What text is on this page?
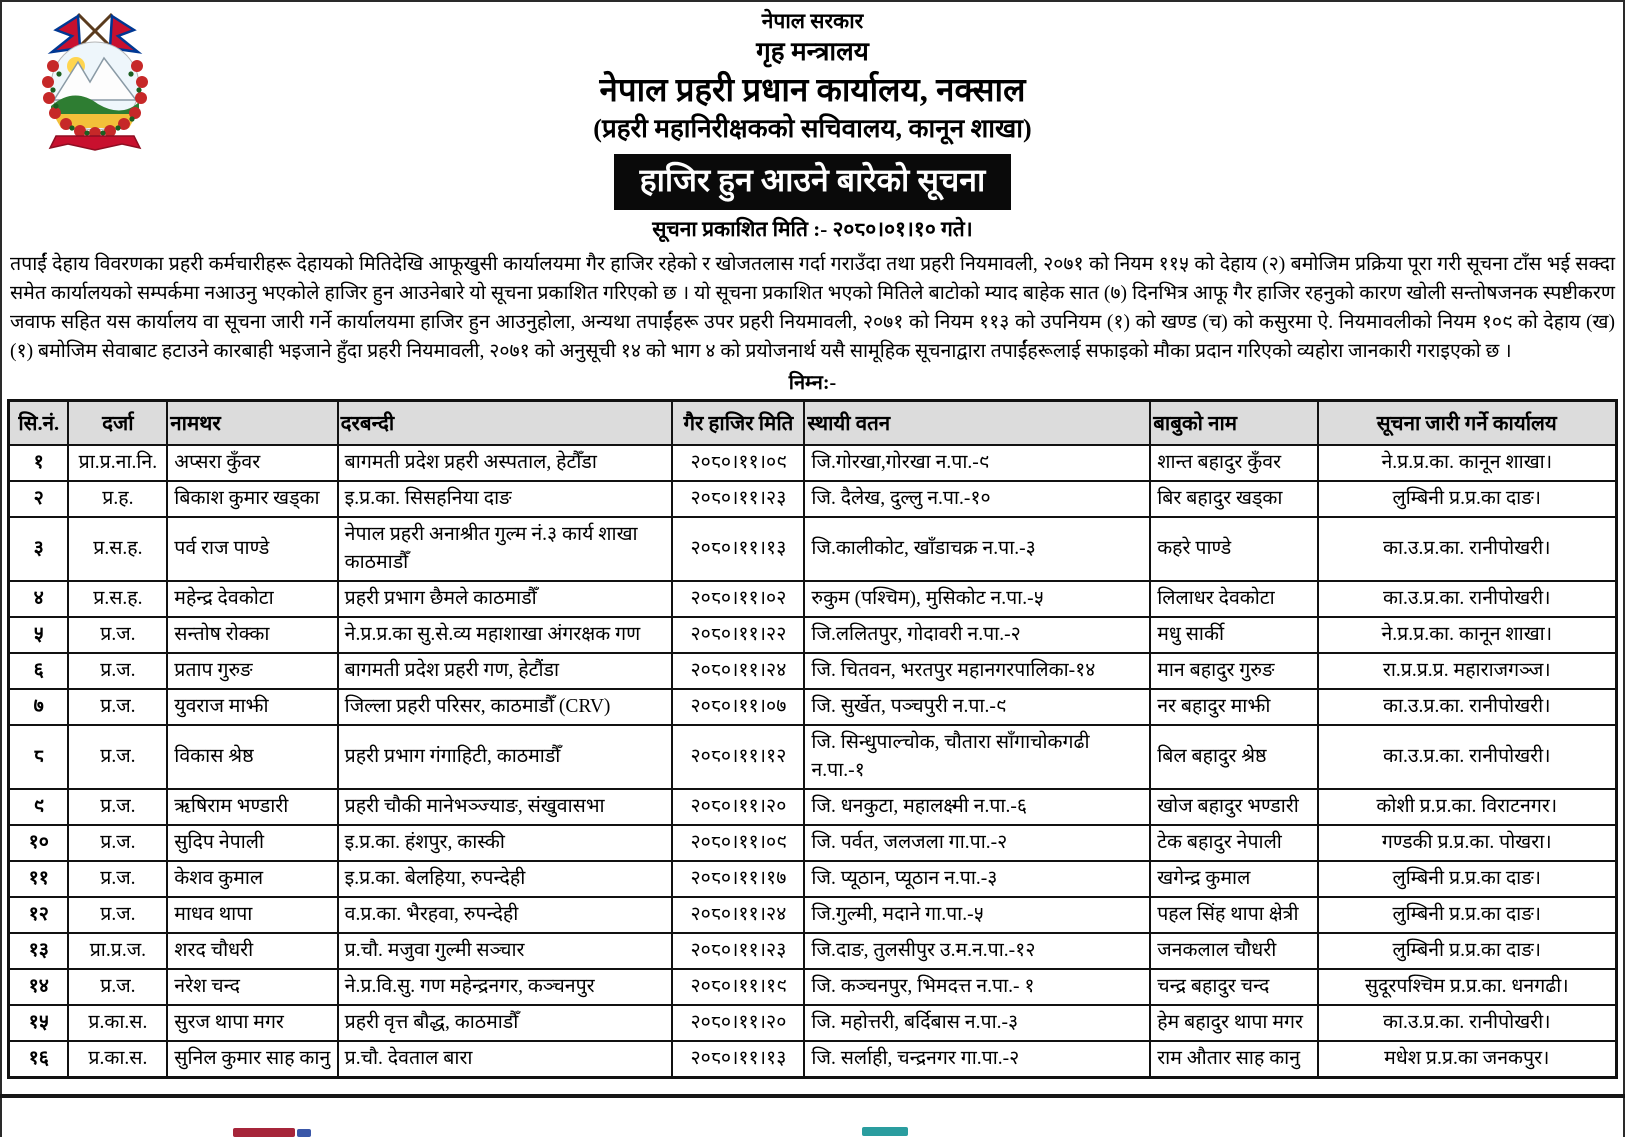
नेपाल सरकार
गृह मन्त्रालय
नेपाल प्रहरी प्रधान कार्यालय, नक्साल
(प्रहरी महानिरीक्षकको सचिवालय, कानून शाखा)
हाजिर हुन आउने बारेको सूचना
सूचना प्रकाशित मिति :- २०८०।०१।१० गते।
तपाईं देहाय विवरणका प्रहरी कर्मचारीहरू देहायको मितिदेखि आफूखुसी कार्यालयमा गैर हाजिर रहेको र खोजतलास गर्दा गराउँदा तथा प्रहरी नियमावली, २०७१ को नियम ११५ को देहाय (२) बमोजिम प्रक्रिया पूरा गरी सूचना टाँस भई सक्दा समेत कार्यालयको सम्पर्कमा नआउनु भएकोले हाजिर हुन आउनेबारे यो सूचना प्रकाशित गरिएको छ । यो सूचना प्रकाशित भएको मितिले बाटोको म्याद बाहेक सात (७) दिनभित्र आफू गैर हाजिर रहनुको कारण खोली सन्तोषजनक स्पष्टीकरण जवाफ सहित यस कार्यालय वा सूचना जारी गर्ने कार्यालयमा हाजिर हुन आउनुहोला, अन्यथा तपाईंहरू उपर प्रहरी नियमावली, २०७१ को नियम ११३ को उपनियम (१) को खण्ड (च) को कसुरमा ऐ. नियमावलीको नियम १०९ को देहाय (ख) (१) बमोजिम सेवाबाट हटाउने कारबाही भइजाने हुँदा प्रहरी नियमावली, २०७१ को अनुसूची १४ को भाग ४ को प्रयोजनार्थ यसै सामूहिक सूचनाद्वारा तपाईंहरूलाई सफाइको मौका प्रदान गरिएको व्यहोरा जानकारी गराइएको छ ।
निम्न:-
सि.नं.	दर्जा	नामथर	दरबन्दी	गैर हाजिर मिति	स्थायी वतन	बाबुको नाम	सूचना जारी गर्ने कार्यालय
१	प्रा.प्र.ना.नि.	अप्सरा कुँवर	बागमती प्रदेश प्रहरी अस्पताल, हेटौँडा	२०८०।११।०९	जि.गोरखा,गोरखा न.पा.-९	शान्त बहादुर कुँवर	ने.प्र.प्र.का. कानून शाखा।
२	प्र.ह.	बिकाश कुमार खड्का	इ.प्र.का. सिसहनिया दाङ	२०८०।११।२३	जि. दैलेख, दुल्लु न.पा.-१०	बिर बहादुर खड्का	लुम्बिनी प्र.प्र.का दाङ।
३	प्र.स.ह.	पर्व राज पाण्डे	नेपाल प्रहरी अनाश्रीत गुल्म नं.३ कार्य शाखा काठमाडौँ	२०८०।११।१३	जि.कालीकोट, खाँडाचक्र न.पा.-३	कहरे पाण्डे	का.उ.प्र.का. रानीपोखरी।
४	प्र.स.ह.	महेन्द्र देवकोटा	प्रहरी प्रभाग छैमले काठमाडौँ	२०८०।११।०२	रुकुम (पश्चिम), मुसिकोट न.पा.-५	लिलाधर देवकोटा	का.उ.प्र.का. रानीपोखरी।
५	प्र.ज.	सन्तोष रोक्का	ने.प्र.प्र.का सु.से.व्य महाशाखा अंगरक्षक गण	२०८०।११।२२	जि.ललितपुर, गोदावरी न.पा.-२	मधु सार्की	ने.प्र.प्र.का. कानून शाखा।
६	प्र.ज.	प्रताप गुरुङ	बागमती प्रदेश प्रहरी गण, हेटौंडा	२०८०।११।२४	जि. चितवन, भरतपुर महानगरपालिका-१४	मान बहादुर गुरुङ	रा.प्र.प्र.प्र. महाराजगञ्ज।
७	प्र.ज.	युवराज माझी	जिल्ला प्रहरी परिसर, काठमाडौँ (CRV)	२०८०।११।०७	जि. सुर्खेत, पञ्चपुरी न.पा.-९	नर बहादुर माझी	का.उ.प्र.का. रानीपोखरी।
८	प्र.ज.	विकास श्रेष्ठ	प्रहरी प्रभाग गंगाहिटी, काठमाडौँ	२०८०।११।१२	जि. सिन्धुपाल्चोक, चौतारा साँगाचोकगढी न.पा.-१	बिल बहादुर श्रेष्ठ	का.उ.प्र.का. रानीपोखरी।
९	प्र.ज.	ऋषिराम भण्डारी	प्रहरी चौकी मानेभञ्ज्याङ, संखुवासभा	२०८०।११।२०	जि. धनकुटा, महालक्ष्मी न.पा.-६	खोज बहादुर भण्डारी	कोशी प्र.प्र.का. विराटनगर।
१०	प्र.ज.	सुदिप नेपाली	इ.प्र.का. हंशपुर, कास्की	२०८०।११।०९	जि. पर्वत, जलजला गा.पा.-२	टेक बहादुर नेपाली	गण्डकी प्र.प्र.का. पोखरा।
११	प्र.ज.	केशव कुमाल	इ.प्र.का. बेलहिया, रुपन्देही	२०८०।११।१७	जि. प्यूठान, प्यूठान न.पा.-३	खगेन्द्र कुमाल	लुम्बिनी प्र.प्र.का दाङ।
१२	प्र.ज.	माधव थापा	व.प्र.का. भैरहवा, रुपन्देही	२०८०।११।२४	जि.गुल्मी, मदाने गा.पा.-५	पहल सिंह थापा क्षेत्री	लुम्बिनी प्र.प्र.का दाङ।
१३	प्रा.प्र.ज.	शरद चौधरी	प्र.चौ. मजुवा गुल्मी सञ्चार	२०८०।११।२३	जि.दाङ, तुलसीपुर उ.म.न.पा.-१२	जनकलाल चौधरी	लुम्बिनी प्र.प्र.का दाङ।
१४	प्र.ज.	नरेश चन्द	ने.प्र.वि.सु. गण महेन्द्रनगर, कञ्चनपुर	२०८०।११।१९	जि. कञ्चनपुर, भिमदत्त न.पा.- १	चन्द्र बहादुर चन्द	सुदूरपश्चिम प्र.प्र.का. धनगढी।
१५	प्र.का.स.	सुरज थापा मगर	प्रहरी वृत्त बौद्ध, काठमाडौँ	२०८०।११।२०	जि. महोत्तरी, बर्दिबास न.पा.-३	हेम बहादुर थापा मगर	का.उ.प्र.का. रानीपोखरी।
१६	प्र.का.स.	सुनिल कुमार साह कानु	प्र.चौ. देवताल बारा	२०८०।११।१३	जि. सर्लाही, चन्द्रनगर गा.पा.-२	राम औतार साह कानु	मधेश प्र.प्र.का जनकपुर।
